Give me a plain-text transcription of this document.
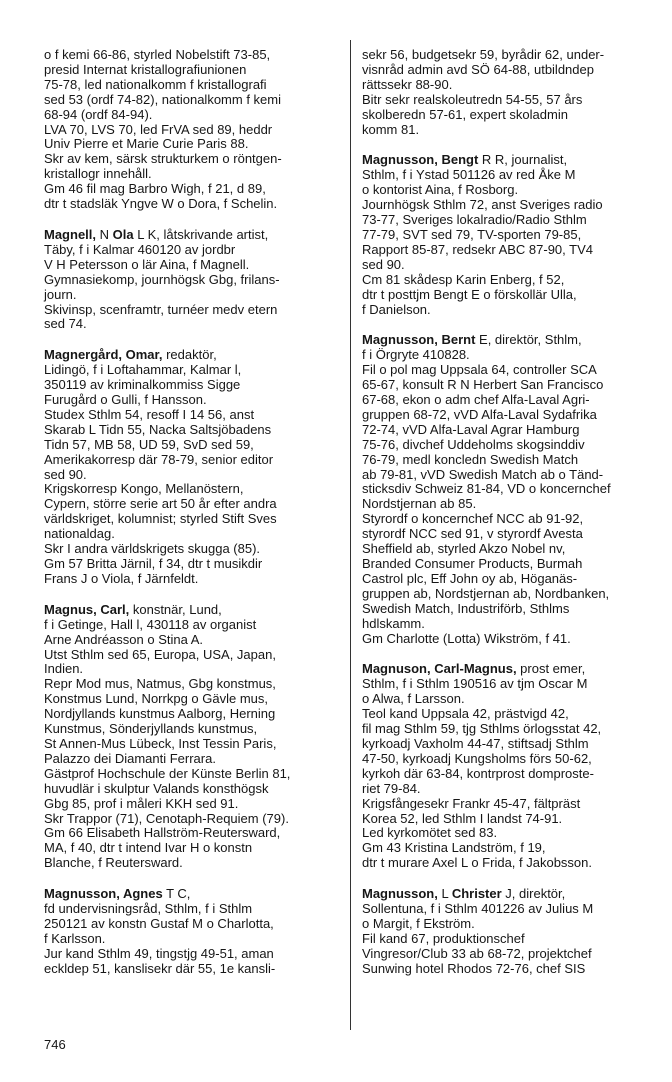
o f kemi 66-86, styrled Nobelstift 73-85,
presid Internat kristallografiunionen
75-78, led nationalkomm f kristallografi
sed 53 (ordf 74-82), nationalkomm f kemi
68-94 (ordf 84-94).
LVA 70, LVS 70, led FrVA sed 89, heddr
Univ Pierre et Marie Curie Paris 88.
Skr av kem, särsk strukturkem o röntgen-
kristallogr innehåll.
Gm 46 fil mag Barbro Wigh, f 21, d 89,
dtr t stadsläk Yngve W o Dora, f Schelin.
Magnell, N Ola L K, låtskrivande artist,
Täby, f i Kalmar 460120 av jordbr
V H Petersson o lär Aina, f Magnell.
Gymnasiekomp, journhögsk Gbg, frilans-
journ.
Skivinsp, scenframtr, turnéer medv etern
sed 74.
Magnergård, Omar, redaktör,
Lidingö, f i Loftahammar, Kalmar l,
350119 av kriminalkommiss Sigge
Furugård o Gulli, f Hansson.
Studex Sthlm 54, resoff I 14 56, anst
Skarab L Tidn 55, Nacka Saltsjöbadens
Tidn 57, MB 58, UD 59, SvD sed 59,
Amerikakorresp där 78-79, senior editor
sed 90.
Krigskorresp Kongo, Mellanöstern,
Cypern, större serie art 50 år efter andra
världskriget, kolumnist; styrled Stift Sves
nationaldag.
Skr I andra världskrigets skugga (85).
Gm 57 Britta Järnil, f 34, dtr t musikdir
Frans J o Viola, f Järnfeldt.
Magnus, Carl, konstnär, Lund,
f i Getinge, Hall l, 430118 av organist
Arne Andréasson o Stina A.
Utst Sthlm sed 65, Europa, USA, Japan,
Indien.
Repr Mod mus, Natmus, Gbg konstmus,
Konstmus Lund, Norrkpg o Gävle mus,
Nordjyllands kunstmus Aalborg, Herning
Kunstmus, Sönderjyllands kunstmus,
St Annen-Mus Lübeck, Inst Tessin Paris,
Palazzo dei Diamanti Ferrara.
Gästprof Hochschule der Künste Berlin 81,
huvudlär i skulptur Valands konsthögsk
Gbg 85, prof i måleri KKH sed 91.
Skr Trappor (71), Cenotaph-Requiem (79).
Gm 66 Elisabeth Hallström-Reutersward,
MA, f 40, dtr t intend Ivar H o konstn
Blanche, f Reutersward.
Magnusson, Agnes T C,
fd undervisningsråd, Sthlm, f i Sthlm
250121 av konstn Gustaf M o Charlotta,
f Karlsson.
Jur kand Sthlm 49, tingstjg 49-51, aman
eckldep 51, kanslisekr där 55, 1e kansli-
sekr 56, budgetsekr 59, byrådir 62, under-
visnråd admin avd SÖ 64-88, utbildndep
rättssekr 88-90.
Bitr sekr realskoleutredn 54-55, 57 års
skolberedn 57-61, expert skoladmin
komm 81.
Magnusson, Bengt R R, journalist,
Sthlm, f i Ystad 501126 av red Åke M
o kontorist Aina, f Rosborg.
Journhögsk Sthlm 72, anst Sveriges radio
73-77, Sveriges lokalradio/Radio Sthlm
77-79, SVT sed 79, TV-sporten 79-85,
Rapport 85-87, redsekr ABC 87-90, TV4
sed 90.
Cm 81 skådesp Karin Enberg, f 52,
dtr t posttjm Bengt E o förskollär Ulla,
f Danielson.
Magnusson, Bernt E, direktör, Sthlm,
f i Örgryte 410828.
Fil o pol mag Uppsala 64, controller SCA
65-67, konsult R N Herbert San Francisco
67-68, ekon o adm chef Alfa-Laval Agri-
gruppen 68-72, vVD Alfa-Laval Sydafrika
72-74, vVD Alfa-Laval Agrar Hamburg
75-76, divchef Uddeholms skogsinddiv
76-79, medl koncledn Swedish Match
ab 79-81, vVD Swedish Match ab o Tänd-
sticksdiv Schweiz 81-84, VD o koncernchef
Nordstjernan ab 85.
Styrordf o koncernchef NCC ab 91-92,
styrordf NCC sed 91, v styrordf Avesta
Sheffield ab, styrled Akzo Nobel nv,
Branded Consumer Products, Burmah
Castrol plc, Eff John oy ab, Höganäs-
gruppen ab, Nordstjernan ab, Nordbanken,
Swedish Match, Industriförb, Sthlms
hdlskamm.
Gm Charlotte (Lotta) Wikström, f 41.
Magnuson, Carl-Magnus, prost emer,
Sthlm, f i Sthlm 190516 av tjm Oscar M
o Alwa, f Larsson.
Teol kand Uppsala 42, prästvigd 42,
fil mag Sthlm 59, tjg Sthlms örlogsstat 42,
kyrkoadj Vaxholm 44-47, stiftsadj Sthlm
47-50, kyrkoadj Kungsholms förs 50-62,
kyrkoh där 63-84, kontrprost domproste-
riet 79-84.
Krigsfångesekr Frankr 45-47, fältpräst
Korea 52, led Sthlm I landst 74-91.
Led kyrkomötet sed 83.
Gm 43 Kristina Landström, f 19,
dtr t murare Axel L o Frida, f Jakobsson.
Magnusson, L Christer J, direktör,
Sollentuna, f i Sthlm 401226 av Julius M
o Margit, f Ekström.
Fil kand 67, produktionschef
Vingresor/Club 33 ab 68-72, projektchef
Sunwing hotel Rhodos 72-76, chef SIS
746
